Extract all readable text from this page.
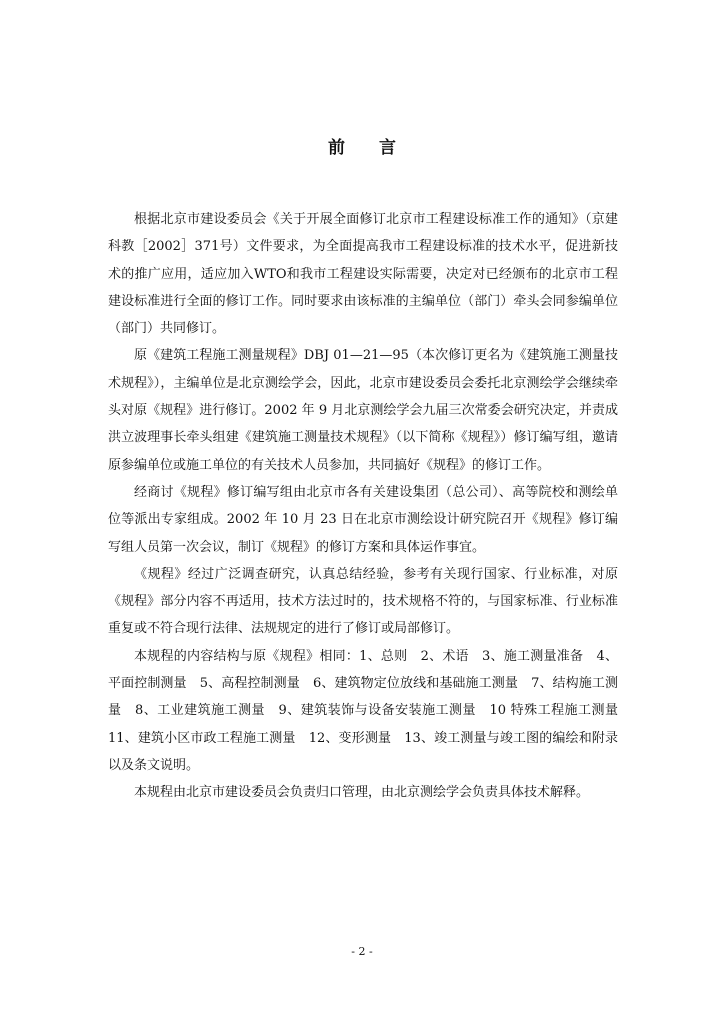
前 言

根据北京市建设委员会《关于开展全面修订北京市工程建设标准工作的通知》（京建科教［2002］371号）文件要求，为全面提高我市工程建设标准的技术水平，促进新技术的推广应用，适应加入WTO和我市工程建设实际需要，决定对已经颁布的北京市工程建设标准进行全面的修订工作。同时要求由该标准的主编单位（部门）牵头会同参编单位（部门）共同修订。

原《建筑工程施工测量规程》DBJ 01—21—95（本次修订更名为《建筑施工测量技术规程》），主编单位是北京测绘学会，因此，北京市建设委员会委托北京测绘学会继续牵头对原《规程》进行修订。2002 年 9 月北京测绘学会九届三次常委会研究决定，并责成洪立波理事长牵头组建《建筑施工测量技术规程》（以下简称《规程》）修订编写组，邀请原参编单位或施工单位的有关技术人员参加，共同搞好《规程》的修订工作。

经商讨《规程》修订编写组由北京市各有关建设集团（总公司）、高等院校和测绘单位等派出专家组成。2002 年 10 月 23 日在北京市测绘设计研究院召开《规程》修订编写组人员第一次会议，制订《规程》的修订方案和具体运作事宜。

《规程》经过广泛调查研究，认真总结经验，参考有关现行国家、行业标准，对原《规程》部分内容不再适用，技术方法过时的，技术规格不符的，与国家标准、行业标准重复或不符合现行法律、法规规定的进行了修订或局部修订。

本规程的内容结构与原《规程》相同：1、总则　2、术语　3、施工测量准备　4、平面控制测量　5、高程控制测量　6、建筑物定位放线和基础施工测量　7、结构施工测量　8、工业建筑施工测量　9、建筑装饰与设备安装施工测量　10 特殊工程施工测量　11、建筑小区市政工程施工测量　12、变形测量　13、竣工测量与竣工图的编绘和附录以及条文说明。

本规程由北京市建设委员会负责归口管理，由北京测绘学会负责具体技术解释。

- 2 -
